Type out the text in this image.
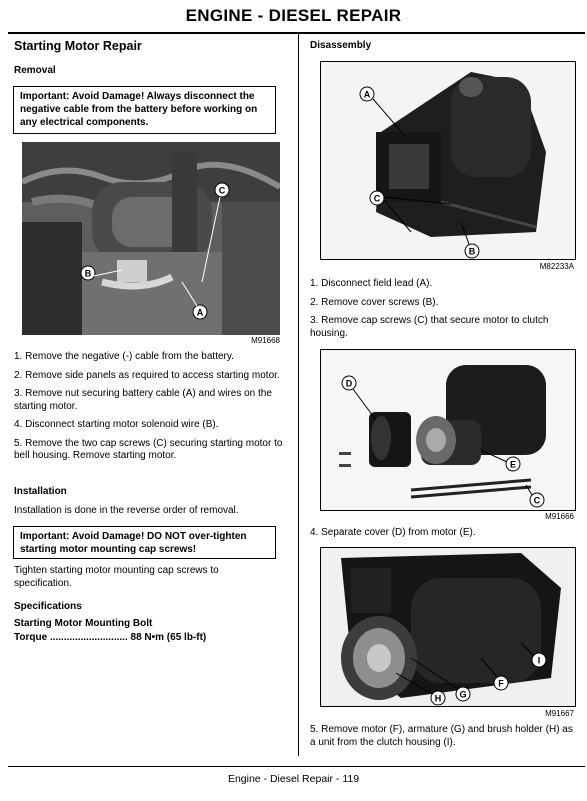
ENGINE - DIESEL REPAIR
Starting Motor Repair
Removal
Important: Avoid Damage! Always disconnect the negative cable from the battery before working on any electrical components.
C
B
A
M91668
1. Remove the negative (-) cable from the battery.
2. Remove side panels as required to access starting motor.
3. Remove nut securing battery cable (A) and wires on the starting motor.
4. Disconnect starting motor solenoid wire (B).
5. Remove the two cap screws (C) securing starting motor to bell housing. Remove starting motor.
Installation
Installation is done in the reverse order of removal.
Important: Avoid Damage! DO NOT over-tighten starting motor mounting cap screws!
Tighten starting motor mounting cap screws to specification.
Specifications
Starting Motor Mounting Bolt
Torque ............................ 88 N•m (65 lb-ft)
Disassembly
A
C
B
M82233A
1. Disconnect field lead (A).
2. Remove cover screws (B).
3. Remove cap screws (C) that secure motor to clutch housing.
D
E
C
M91666
4. Separate cover (D) from motor (E).
I
F
G
H
M91667
5. Remove motor (F), armature (G) and brush holder (H) as a unit from the clutch housing (I).
Engine - Diesel Repair - 119
